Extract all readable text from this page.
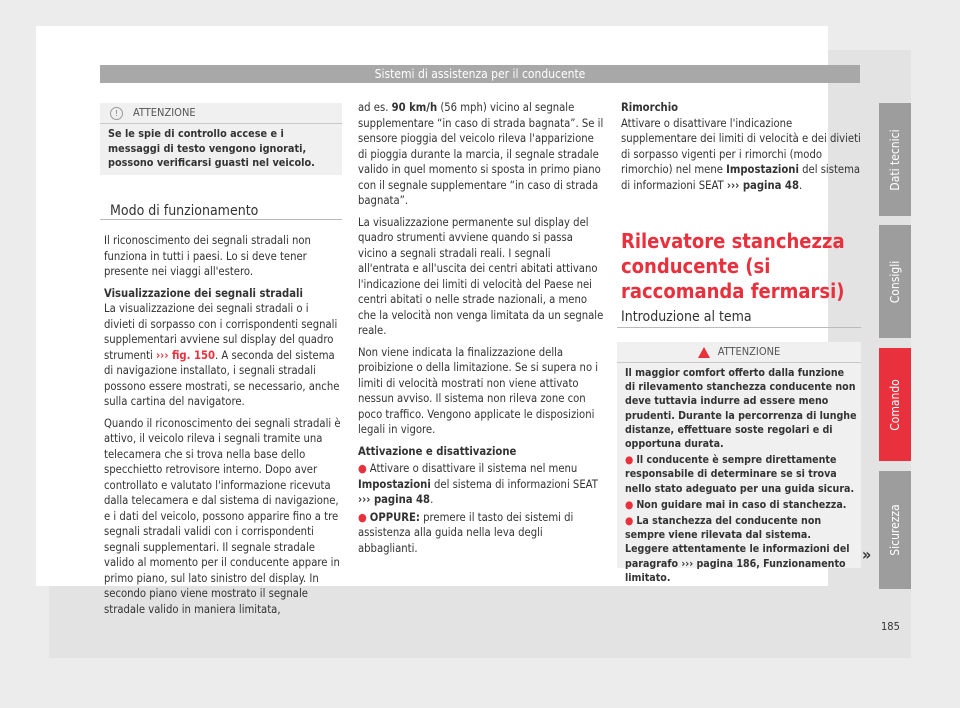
Sistemi di assistenza per il conducente
! ATTENZIONE
Se le spie di controllo accese e i messaggi di testo vengono ignorati, possono verificarsi guasti nel veicolo.
Modo di funzionamento

Il riconoscimento dei segnali stradali non funziona in tutti i paesi. Lo si deve tener presente nei viaggi all'estero.

Visualizzazione dei segnali stradali

La visualizzazione dei segnali stradali o i divieti di sorpasso con i corrispondenti segnali supplementari avviene sul display del quadro strumenti ››› fig. 150. A seconda del sistema di navigazione installato, i segnali stradali possono essere mostrati, se necessario, anche sulla cartina del navigatore.

Quando il riconoscimento dei segnali stradali è attivo, il veicolo rileva i segnali tramite una telecamera che si trova nella base dello specchietto retrovisore interno. Dopo aver controllato e valutato l'informazione ricevuta dalla telecamera e dal sistema di navigazione, e i dati del veicolo, possono apparire fino a tre segnali stradali validi con i corrispondenti segnali supplementari. Il segnale stradale valido al momento per il conducente appare in primo piano, sul lato sinistro del display. In secondo piano viene mostrato il segnale stradale valido in maniera limitata,

ad es. 90 km/h (56 mph) vicino al segnale supplementare “in caso di strada bagnata”. Se il sensore pioggia del veicolo rileva l'apparizione di pioggia durante la marcia, il segnale stradale valido in quel momento si sposta in primo piano con il segnale supplementare “in caso di strada bagnata”.

La visualizzazione permanente sul display del quadro strumenti avviene quando si passa vicino a segnali stradali reali. I segnali all'entrata e all'uscita dei centri abitati attivano l'indicazione dei limiti di velocità del Paese nei centri abitati o nelle strade nazionali, a meno che la velocità non venga limitata da un segnale reale.

Non viene indicata la finalizzazione della proibizione o della limitazione. Se si supera no i limiti di velocità mostrati non viene attivato nessun avviso. Il sistema non rileva zone con poco traffico. Vengono applicate le disposizioni legali in vigore.

Attivazione e disattivazione

● Attivare o disattivare il sistema nel menu Impostazioni del sistema di informazioni SEAT ››› pagina 48.

● OPPURE: premere il tasto dei sistemi di assistenza alla guida nella leva degli abbaglianti.

Rimorchio

Attivare o disattivare l'indicazione supplementare dei limiti di velocità e dei divieti di sorpasso vigenti per i rimorchi (modo rimorchio) nel mene Impostazioni del sistema di informazioni SEAT ››› pagina 48.

Rilevatore stanchezza conducente (si raccomanda fermarsi)
Introduzione al tema
ATTENZIONE

Il maggior comfort offerto dalla funzione di rilevamento stanchezza conducente non deve tuttavia indurre ad essere meno prudenti. Durante la percorrenza di lunghe distanze, effettuare soste regolari e di opportuna durata.

● Il conducente è sempre direttamente responsabile di determinare se si trova nello stato adeguato per una guida sicura.

● Non guidare mai in caso di stanchezza.

● La stanchezza del conducente non sempre viene rilevata dal sistema. Leggere attentamente le informazioni del paragrafo ››› pagina 186, Funzionamento limitato.

»
Dati tecnici
Consigli
Comando
Sicurezza
185
